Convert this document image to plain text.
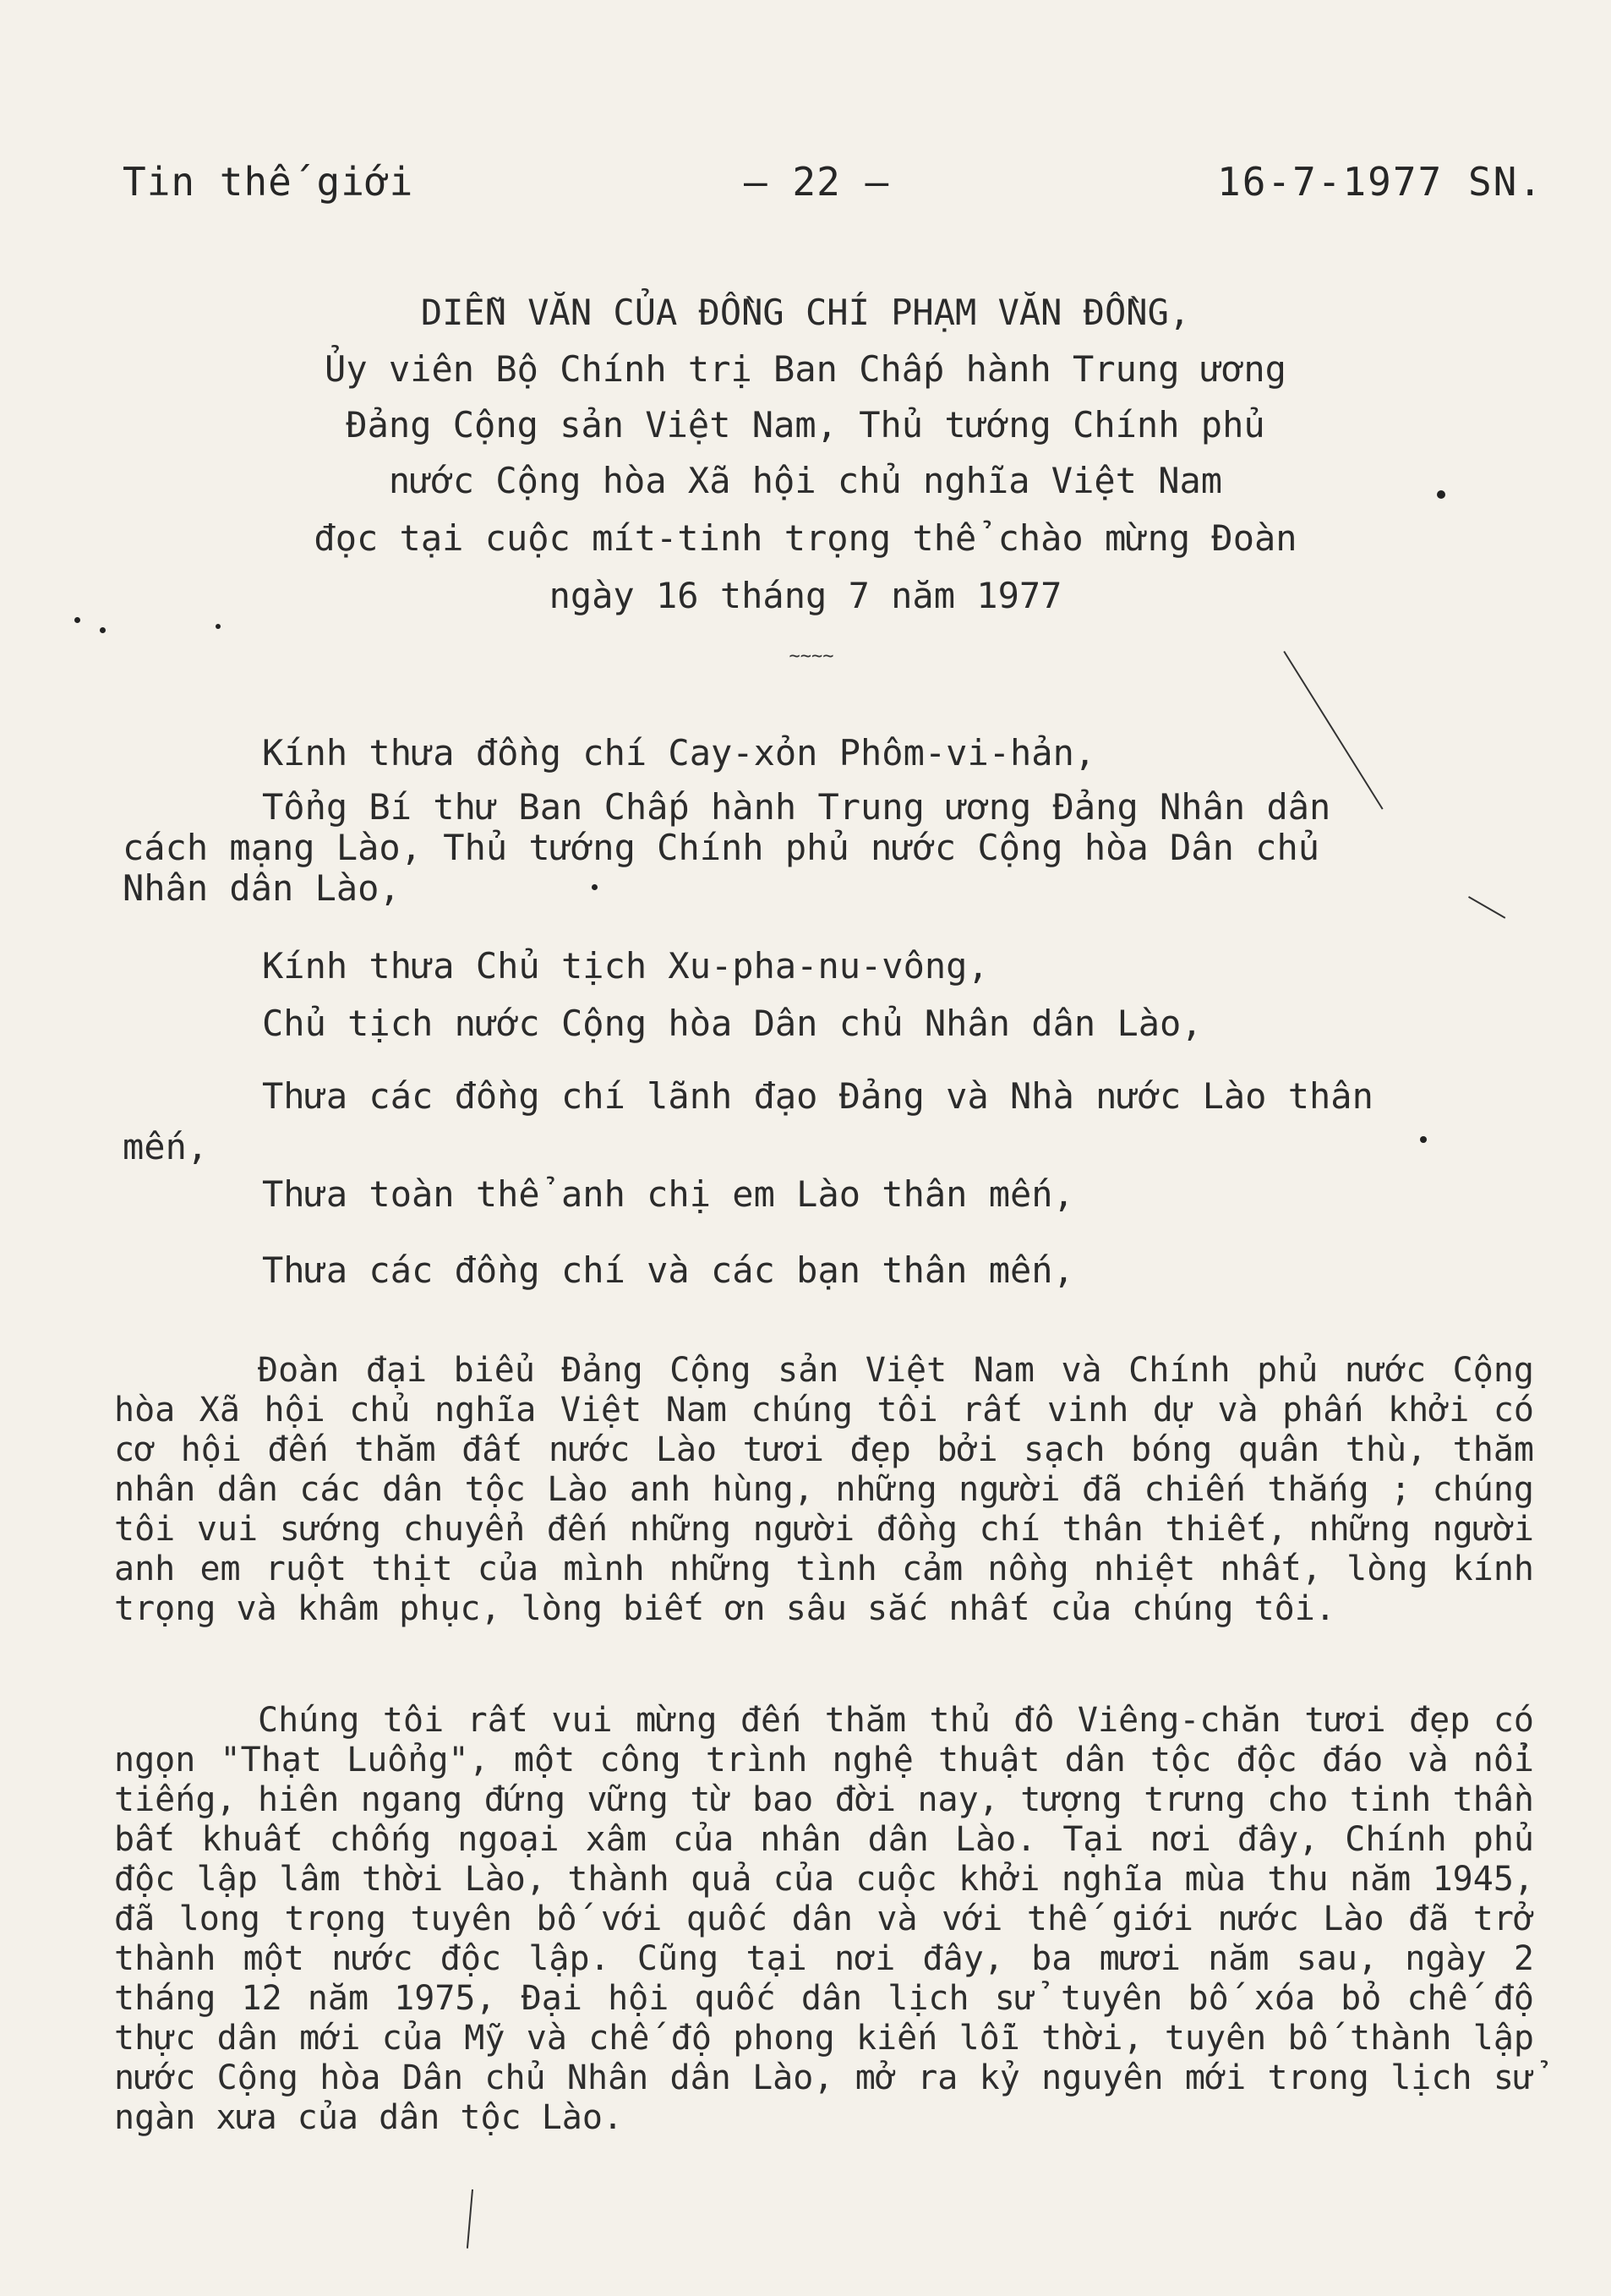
Tin thế giới	– 22 –	16-7-1977 SN.
DIỄN VĂN CỦA ĐỒNG CHÍ PHẠM VĂN ĐỒNG,
Ủy viên Bộ Chính trị Ban Chấp hành Trung ương
Đảng Cộng sản Việt Nam, Thủ tướng Chính phủ
nước Cộng hòa Xã hội chủ nghĩa Việt Nam
đọc tại cuộc mít-tinh trọng thể chào mừng Đoàn
ngày 16 tháng 7 năm 1977
~~~~
Kính thưa đồng chí Cay-xỏn Phôm-vi-hản,
Tổng Bí thư Ban Chấp hành Trung ương Đảng Nhân dân
cách mạng Lào, Thủ tướng Chính phủ nước Cộng hòa Dân chủ
Nhân dân Lào,
Kính thưa Chủ tịch Xu-pha-nu-vông,
Chủ tịch nước Cộng hòa Dân chủ Nhân dân Lào,
Thưa các đồng chí lãnh đạo Đảng và Nhà nước Lào thân
mến,
Thưa toàn thể anh chị em Lào thân mến,
Thưa các đồng chí và các bạn thân mến,
Đoàn đại biểu Đảng Cộng sản Việt Nam và Chính phủ nước Cộng hòa Xã hội chủ nghĩa Việt Nam chúng tôi rất vinh dự và phấn khởi có cơ hội đến thăm đất nước Lào tươi đẹp bởi sạch bóng quân thù, thăm nhân dân các dân tộc Lào anh hùng, những người đã chiến thắng ; chúng tôi vui sướng chuyển đến những người đồng chí thân thiết, những người anh em ruột thịt của mình những tình cảm nồng nhiệt nhất, lòng kính trọng và khâm phục, lòng biết ơn sâu sắc nhất của chúng tôi.
Chúng tôi rất vui mừng đến thăm thủ đô Viêng-chăn tươi đẹp có ngọn "Thạt Luổng", một công trình nghệ thuật dân tộc độc đáo và nổi tiếng, hiên ngang đứng vững từ bao đời nay, tượng trưng cho tinh thần bất khuất chống ngoại xâm của nhân dân Lào. Tại nơi đây, Chính phủ độc lập lâm thời Lào, thành quả của cuộc khởi nghĩa mùa thu năm 1945, đã long trọng tuyên bố với quốc dân và với thế giới nước Lào đã trở thành một nước độc lập. Cũng tại nơi đây, ba mươi năm sau, ngày 2 tháng 12 năm 1975, Đại hội quốc dân lịch sử tuyên bố xóa bỏ chế độ thực dân mới của Mỹ và chế độ phong kiến lỗi thời, tuyên bố thành lập nước Cộng hòa Dân chủ Nhân dân Lào, mở ra kỷ nguyên mới trong lịch sử ngàn xưa của dân tộc Lào.
